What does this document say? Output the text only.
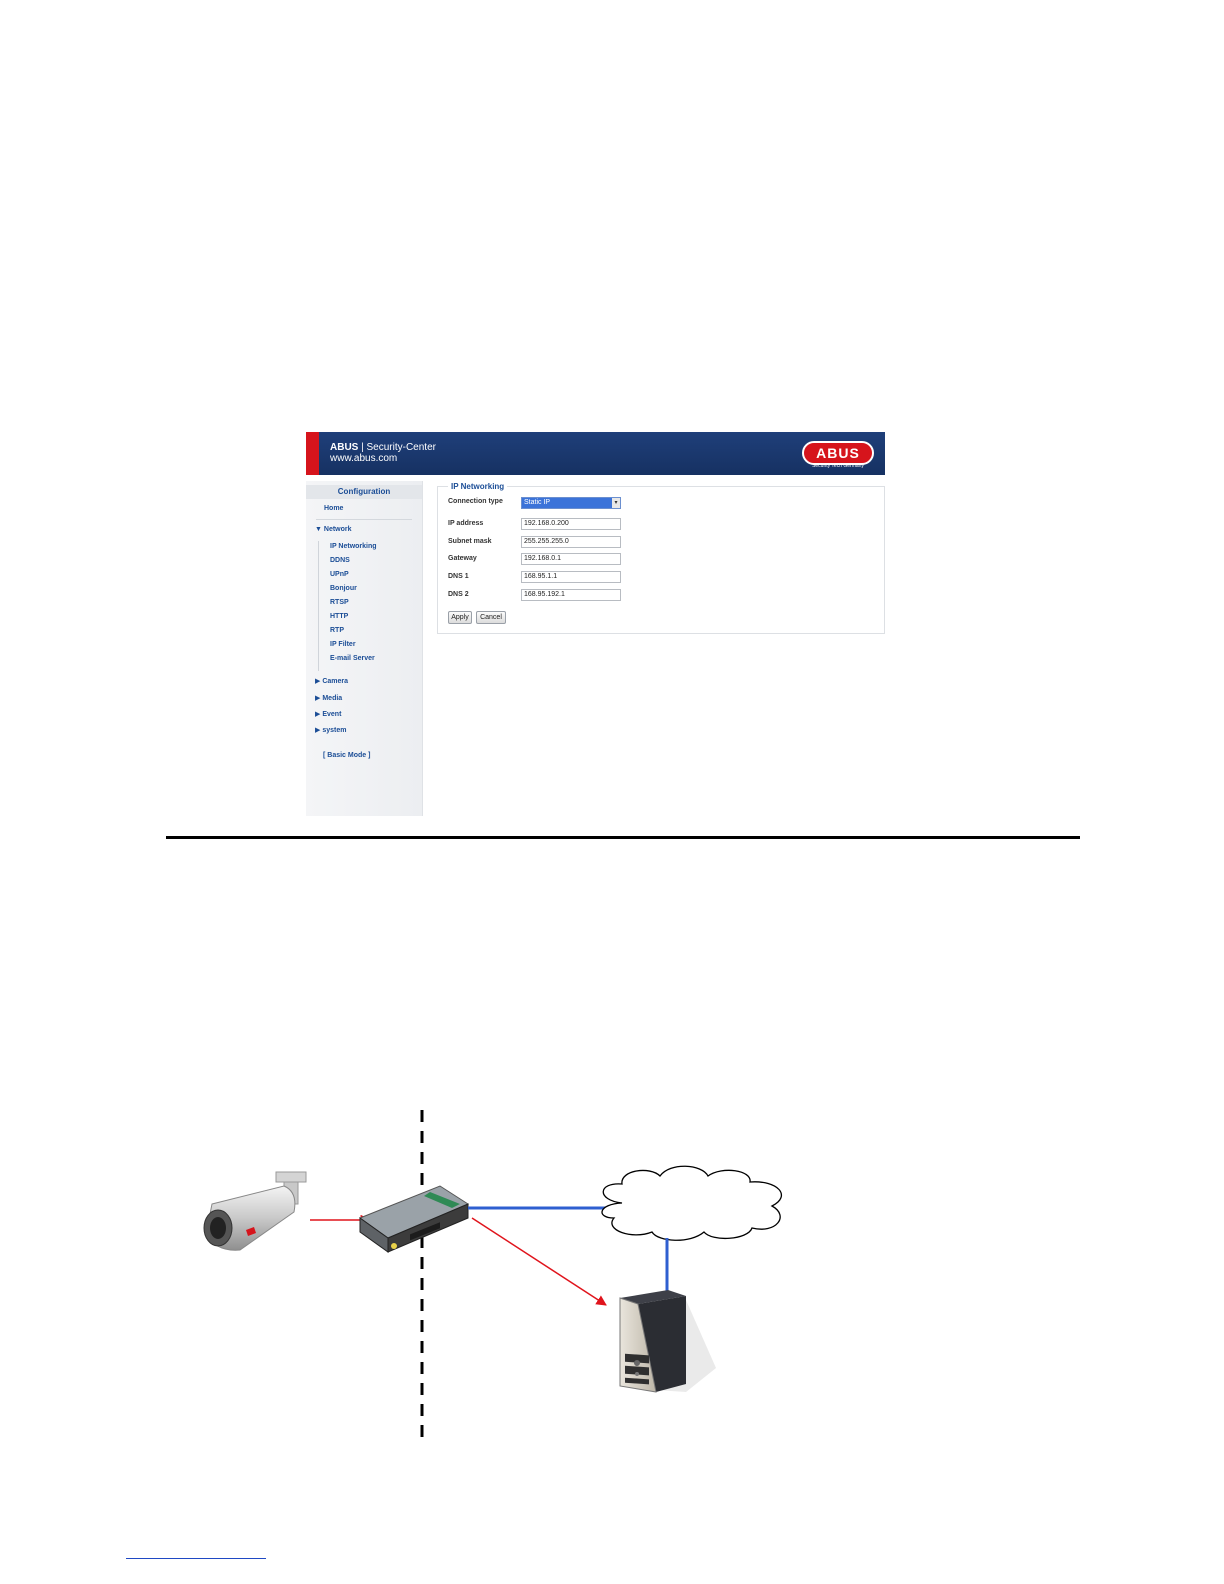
ABUS | Security-Center
www.abus.com	ABUS
Security Tech Germany
Configuration
Home
▼ Network
IP Networking
DDNS
UPnP
Bonjour
RTSP
HTTP
RTP
IP Filter
E-mail Server
▶ Camera
▶ Media
▶ Event
▶ system
[ Basic Mode ]
IP Networking
Connection type	Static IP	▾
IP address
192.168.0.200
Subnet mask
255.255.255.0
Gateway
192.168.0.1
DNS 1
168.95.1.1
DNS 2
168.95.192.1
Apply	Cancel
